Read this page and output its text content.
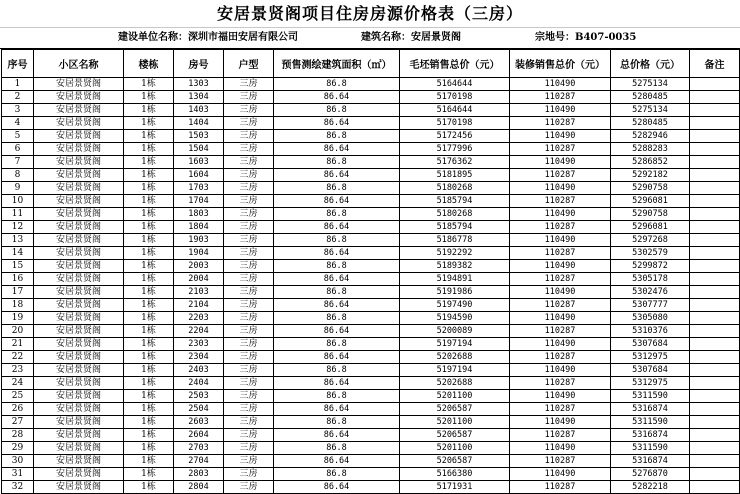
安居景贤阁项目住房房源价格表（三房）
建设单位名称：深圳市福田安居有限公司	建筑名称：安居景贤阁	宗地号：B407-0035
序号	小区名称	楼栋	房号	户型	预售测绘建筑面积（㎡）	毛坯销售总价（元）	装修销售总价（元）	总价格（元）	备注
1	安居景贤阁	1栋	1303	三房	86.8	5164644	110490	5275134	
2	安居景贤阁	1栋	1304	三房	86.64	5170198	110287	5280485	
3	安居景贤阁	1栋	1403	三房	86.8	5164644	110490	5275134	
4	安居景贤阁	1栋	1404	三房	86.64	5170198	110287	5280485	
5	安居景贤阁	1栋	1503	三房	86.8	5172456	110490	5282946	
6	安居景贤阁	1栋	1504	三房	86.64	5177996	110287	5288283	
7	安居景贤阁	1栋	1603	三房	86.8	5176362	110490	5286852	
8	安居景贤阁	1栋	1604	三房	86.64	5181895	110287	5292182	
9	安居景贤阁	1栋	1703	三房	86.8	5180268	110490	5290758	
10	安居景贤阁	1栋	1704	三房	86.64	5185794	110287	5296081	
11	安居景贤阁	1栋	1803	三房	86.8	5180268	110490	5290758	
12	安居景贤阁	1栋	1804	三房	86.64	5185794	110287	5296081	
13	安居景贤阁	1栋	1903	三房	86.8	5186778	110490	5297268	
14	安居景贤阁	1栋	1904	三房	86.64	5192292	110287	5302579	
15	安居景贤阁	1栋	2003	三房	86.8	5189382	110490	5299872	
16	安居景贤阁	1栋	2004	三房	86.64	5194891	110287	5305178	
17	安居景贤阁	1栋	2103	三房	86.8	5191986	110490	5302476	
18	安居景贤阁	1栋	2104	三房	86.64	5197490	110287	5307777	
19	安居景贤阁	1栋	2203	三房	86.8	5194590	110490	5305080	
20	安居景贤阁	1栋	2204	三房	86.64	5200089	110287	5310376	
21	安居景贤阁	1栋	2303	三房	86.8	5197194	110490	5307684	
22	安居景贤阁	1栋	2304	三房	86.64	5202688	110287	5312975	
23	安居景贤阁	1栋	2403	三房	86.8	5197194	110490	5307684	
24	安居景贤阁	1栋	2404	三房	86.64	5202688	110287	5312975	
25	安居景贤阁	1栋	2503	三房	86.8	5201100	110490	5311590	
26	安居景贤阁	1栋	2504	三房	86.64	5206587	110287	5316874	
27	安居景贤阁	1栋	2603	三房	86.8	5201100	110490	5311590	
28	安居景贤阁	1栋	2604	三房	86.64	5206587	110287	5316874	
29	安居景贤阁	1栋	2703	三房	86.8	5201100	110490	5311590	
30	安居景贤阁	1栋	2704	三房	86.64	5206587	110287	5316874	
31	安居景贤阁	1栋	2803	三房	86.8	5166380	110490	5276870	
32	安居景贤阁	1栋	2804	三房	86.64	5171931	110287	5282218	
